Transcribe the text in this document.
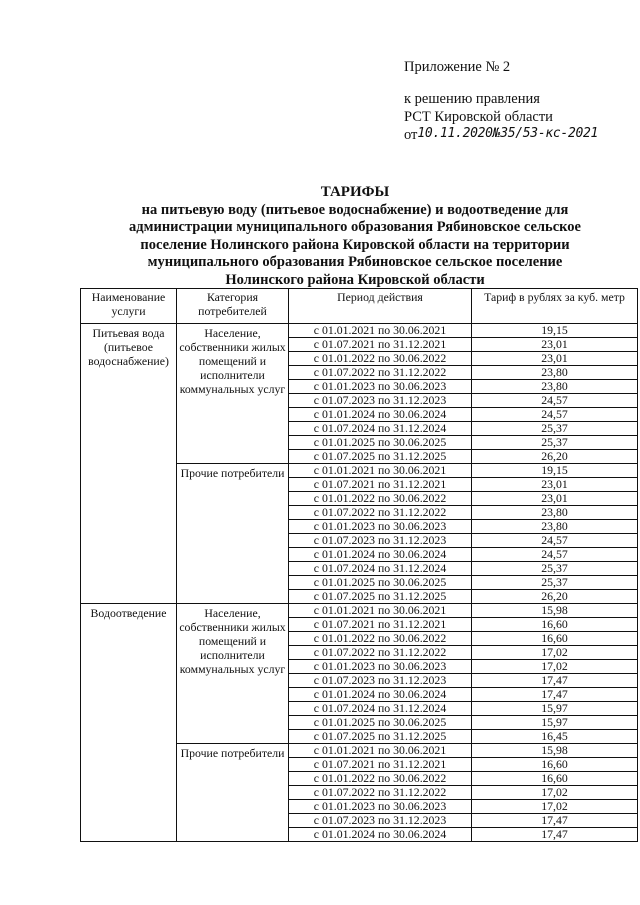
Приложение № 2
к решению правления
РСТ Кировской области
от10.11.2020№35/53-кс-2021
ТАРИФЫ
на питьевую воду (питьевое водоснабжение) и водоотведение для
администрации муниципального образования Рябиновское сельское
поселение Нолинского района Кировской области на территории
муниципального образования Рябиновское сельское поселение
Нолинского района Кировской области
Наименование услуги	Категория потребителей	Период действия	Тариф в рублях за куб. метр
Питьевая вода (питьевое водоснабжение)	Население, собственники жилых помещений и исполнители коммунальных услуг	с 01.01.2021 по 30.06.2021	19,15
		с 01.07.2021 по 31.12.2021	23,01
		с 01.01.2022 по 30.06.2022	23,01
		с 01.07.2022 по 31.12.2022	23,80
		с 01.01.2023 по 30.06.2023	23,80
		с 01.07.2023 по 31.12.2023	24,57
		с 01.01.2024 по 30.06.2024	24,57
		с 01.07.2024 по 31.12.2024	25,37
		с 01.01.2025 по 30.06.2025	25,37
		с 01.07.2025 по 31.12.2025	26,20
	Прочие потребители	с 01.01.2021 по 30.06.2021	19,15
		с 01.07.2021 по 31.12.2021	23,01
		с 01.01.2022 по 30.06.2022	23,01
		с 01.07.2022 по 31.12.2022	23,80
		с 01.01.2023 по 30.06.2023	23,80
		с 01.07.2023 по 31.12.2023	24,57
		с 01.01.2024 по 30.06.2024	24,57
		с 01.07.2024 по 31.12.2024	25,37
		с 01.01.2025 по 30.06.2025	25,37
		с 01.07.2025 по 31.12.2025	26,20
Водоотведение	Население, собственники жилых помещений и исполнители коммунальных услуг	с 01.01.2021 по 30.06.2021	15,98
		с 01.07.2021 по 31.12.2021	16,60
		с 01.01.2022 по 30.06.2022	16,60
		с 01.07.2022 по 31.12.2022	17,02
		с 01.01.2023 по 30.06.2023	17,02
		с 01.07.2023 по 31.12.2023	17,47
		с 01.01.2024 по 30.06.2024	17,47
		с 01.07.2024 по 31.12.2024	15,97
		с 01.01.2025 по 30.06.2025	15,97
		с 01.07.2025 по 31.12.2025	16,45
	Прочие потребители	с 01.01.2021 по 30.06.2021	15,98
		с 01.07.2021 по 31.12.2021	16,60
		с 01.01.2022 по 30.06.2022	16,60
		с 01.07.2022 по 31.12.2022	17,02
		с 01.01.2023 по 30.06.2023	17,02
		с 01.07.2023 по 31.12.2023	17,47
		с 01.01.2024 по 30.06.2024	17,47
